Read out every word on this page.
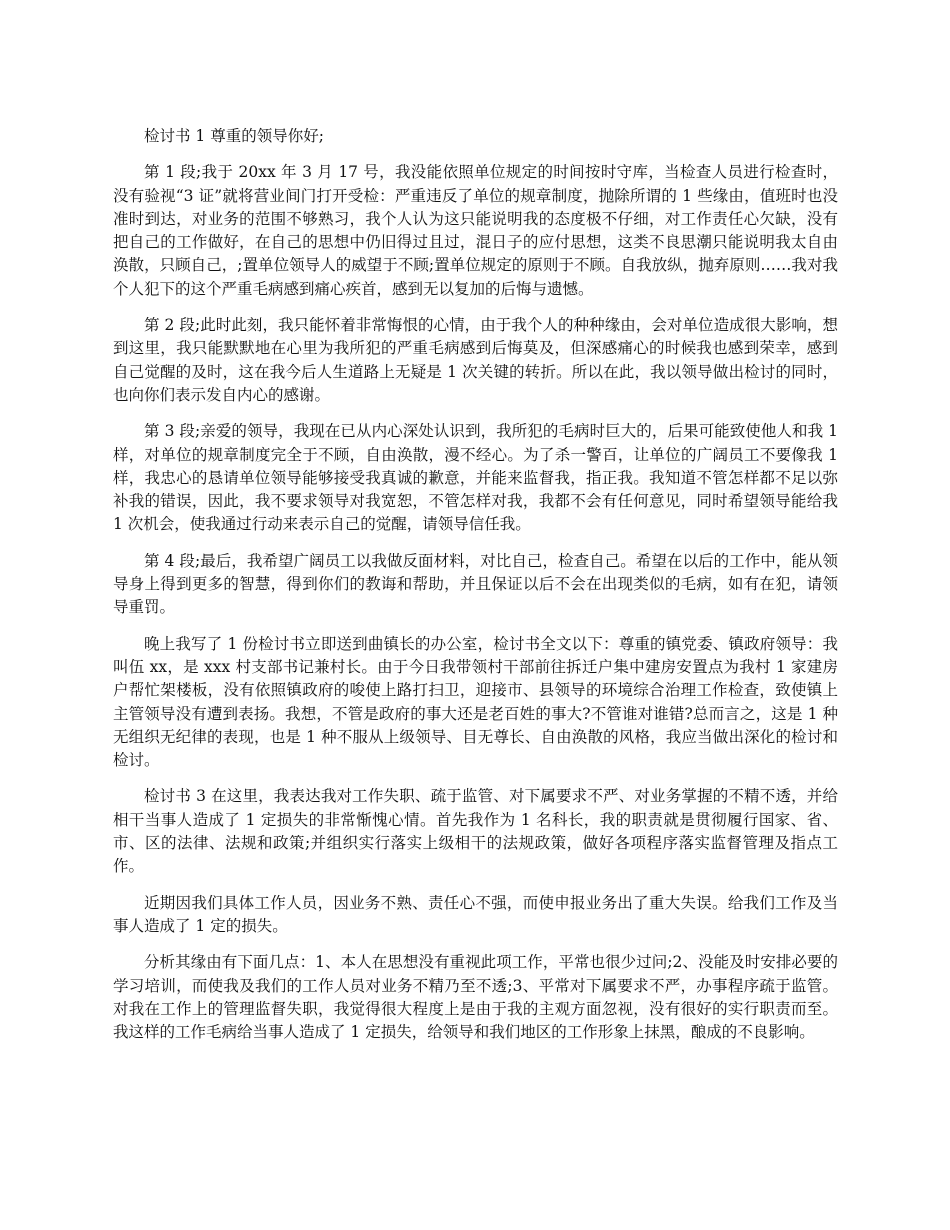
检讨书 1 尊重的领导你好;

第 1 段;我于 20xx 年 3 月 17 号，我没能依照单位规定的时间按时守库，当检查人员进行检查时，没有验视“3 证”就将营业间门打开受检：严重违反了单位的规章制度，抛除所谓的 1 些缘由，值班时也没准时到达，对业务的范围不够熟习，我个人认为这只能说明我的态度极不仔细，对工作责任心欠缺，没有把自己的工作做好，在自己的思想中仍旧得过且过，混日子的应付思想，这类不良思潮只能说明我太自由涣散，只顾自己，;置单位领导人的威望于不顾;置单位规定的原则于不顾。自我放纵，抛弃原则……我对我个人犯下的这个严重毛病感到痛心疾首，感到无以复加的后悔与遗憾。

第 2 段;此时此刻，我只能怀着非常悔恨的心情，由于我个人的种种缘由，会对单位造成很大影响，想到这里，我只能默默地在心里为我所犯的严重毛病感到后悔莫及，但深感痛心的时候我也感到荣幸，感到自己觉醒的及时，这在我今后人生道路上无疑是 1 次关键的转折。所以在此，我以领导做出检讨的同时，也向你们表示发自内心的感谢。

第 3 段;亲爱的领导，我现在已从内心深处认识到，我所犯的毛病时巨大的，后果可能致使他人和我 1 样，对单位的规章制度完全于不顾，自由涣散，漫不经心。为了杀一警百，让单位的广阔员工不要像我 1 样，我忠心的恳请单位领导能够接受我真诚的歉意，并能来监督我，指正我。我知道不管怎样都不足以弥补我的错误，因此，我不要求领导对我宽恕，不管怎样对我，我都不会有任何意见，同时希望领导能给我 1 次机会，使我通过行动来表示自己的觉醒，请领导信任我。

第 4 段;最后，我希望广阔员工以我做反面材料，对比自己，检查自己。希望在以后的工作中，能从领导身上得到更多的智慧，得到你们的教诲和帮助，并且保证以后不会在出现类似的毛病，如有在犯，请领导重罚。

晚上我写了 1 份检讨书立即送到曲镇长的办公室，检讨书全文以下：尊重的镇党委、镇政府领导：我叫伍 xx，是 xxx 村支部书记兼村长。由于今日我带领村干部前往拆迁户集中建房安置点为我村 1 家建房户帮忙架楼板，没有依照镇政府的唆使上路打扫卫，迎接市、县领导的环境综合治理工作检查，致使镇上主管领导没有遭到表扬。我想，不管是政府的事大还是老百姓的事大?不管谁对谁错?总而言之，这是 1 种无组织无纪律的表现，也是 1 种不服从上级领导、目无尊长、自由涣散的风格，我应当做出深化的检讨和检讨。

检讨书 3 在这里，我表达我对工作失职、疏于监管、对下属要求不严、对业务掌握的不精不透，并给相干当事人造成了 1 定损失的非常惭愧心情。首先我作为 1 名科长，我的职责就是贯彻履行国家、省、市、区的法律、法规和政策;并组织实行落实上级相干的法规政策，做好各项程序落实监督管理及指点工作。

近期因我们具体工作人员，因业务不熟、责任心不强，而使申报业务出了重大失误。给我们工作及当事人造成了 1 定的损失。

分析其缘由有下面几点：1、本人在思想没有重视此项工作，平常也很少过问;2、没能及时安排必要的学习培训，而使我及我们的工作人员对业务不精乃至不透;3、平常对下属要求不严，办事程序疏于监管。对我在工作上的管理监督失职，我觉得很大程度上是由于我的主观方面忽视，没有很好的实行职责而至。我这样的工作毛病给当事人造成了 1 定损失，给领导和我们地区的工作形象上抹黑，酿成的不良影响。
